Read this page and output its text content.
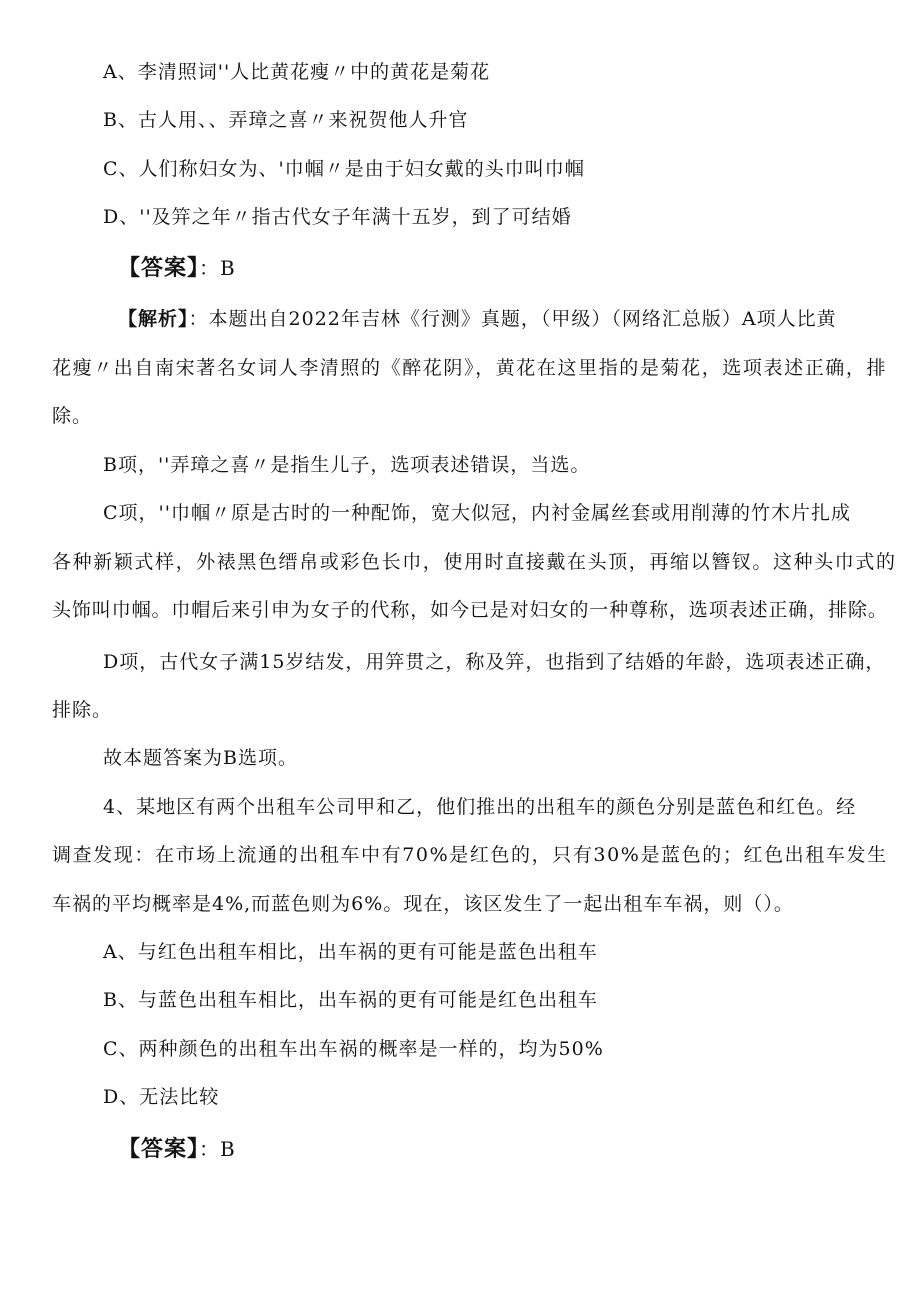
A、李清照词''人比黄花瘦〃中的黄花是菊花
B、古人用、、弄璋之喜〃来祝贺他人升官
C、人们称妇女为、'巾帼〃是由于妇女戴的头巾叫巾帼
D、''及笄之年〃指古代女子年满十五岁，到了可结婚
【答案】：B
【解析】：本题出自2022年吉林《行测》真题，（甲级）（网络汇总版）A项人比黄
花瘦〃出自南宋著名女词人李清照的《醉花阴》，黄花在这里指的是菊花，选项表述正确，排
除。
B项，''弄璋之喜〃是指生儿子，选项表述错误，当选。
C项，''巾帼〃原是古时的一种配饰，宽大似冠，内衬金属丝套或用削薄的竹木片扎成
各种新颖式样，外裱黑色缙帛或彩色长巾，使用时直接戴在头顶，再缩以簪钗。这种头巾式的
头饰叫巾帼。巾帽后来引申为女子的代称，如今已是对妇女的一种尊称，选项表述正确，排除。
D项，古代女子满15岁结发，用笄贯之，称及笄，也指到了结婚的年龄，选项表述正确，
排除。
故本题答案为B选项。
4、某地区有两个出租车公司甲和乙，他们推出的出租车的颜色分别是蓝色和红色。经
调查发现：在市场上流通的出租车中有70%是红色的，只有30%是蓝色的；红色出租车发生
车祸的平均概率是4%,而蓝色则为6%。现在，该区发生了一起出租车车祸，则（）。
A、与红色出租车相比，出车祸的更有可能是蓝色出租车
B、与蓝色出租车相比，出车祸的更有可能是红色出租车
C、两种颜色的出租车出车祸的概率是一样的，均为50%
D、无法比较
【答案】：B
